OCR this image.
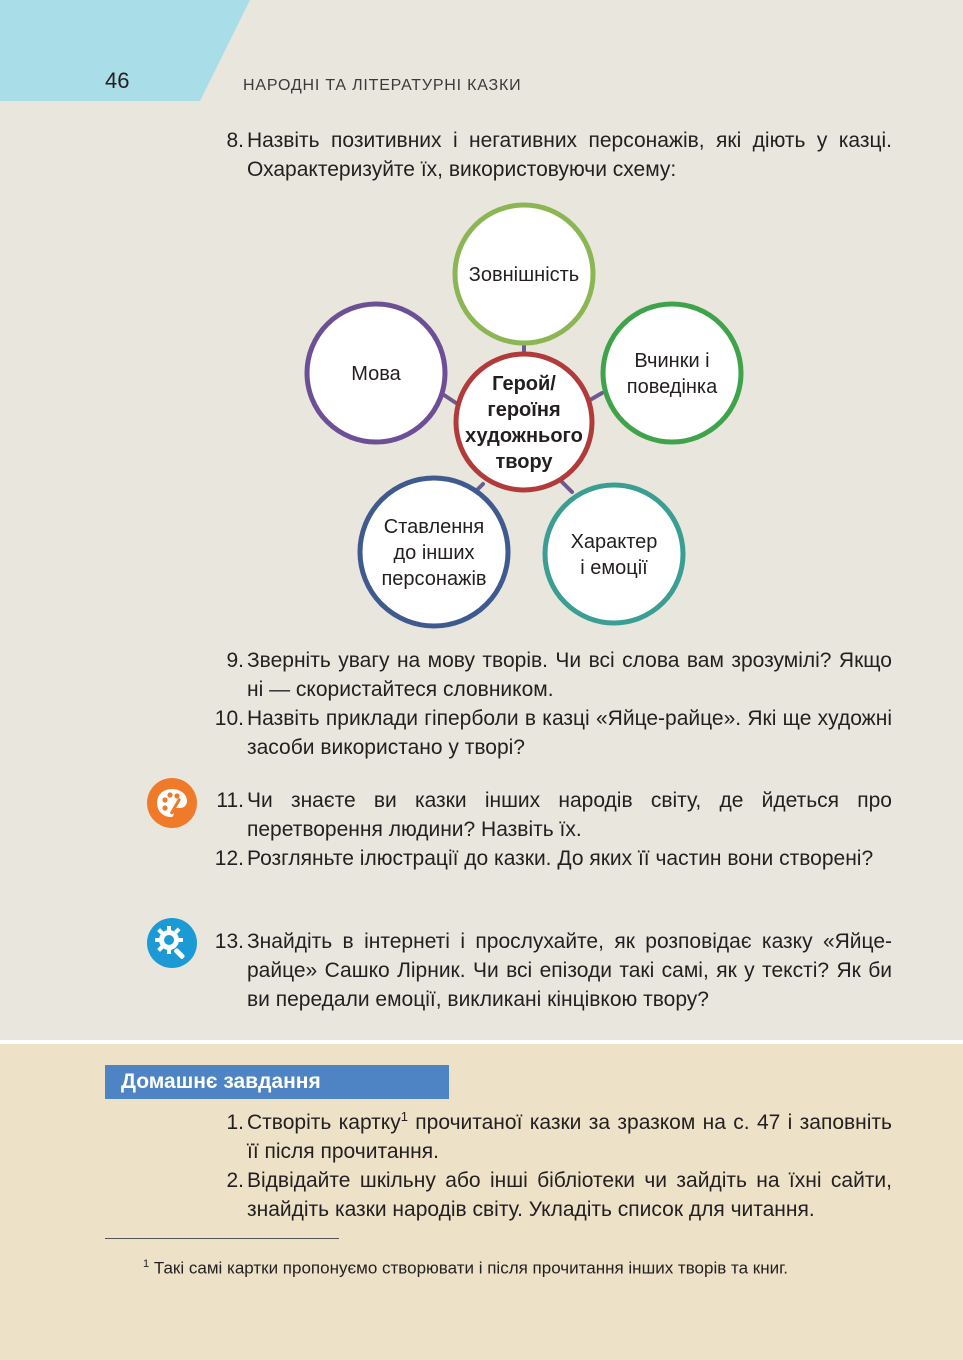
46	НАРОДНІ ТА ЛІТЕРАТУРНІ КАЗКИ
8. Назвіть позитивних і негативних персонажів, які діють у казці. Охарактеризуйте їх, використовуючи схему:
Зовнішність
Вчинки і
поведінка
Характер
і емоції
Ставлення
до інших
персонажів
Мова	Герой/
героїня
художнього
твору
9. Зверніть увагу на мову творів. Чи всі слова вам зрозумілі? Якщо ні — скористайтеся словником.
10. Назвіть приклади гіперболи в казці «Яйце-райце». Які ще художні засоби використано у творі?
11. Чи знаєте ви казки інших народів світу, де йдеться про перетворення людини? Назвіть їх.
12. Розгляньте ілюстрації до казки. До яких її частин вони створені?
13. Знайдіть в інтернеті і прослухайте, як розповідає казку «Яйце-райце» Сашко Лірник. Чи всі епізоди такі самі, як у тексті? Як би ви передали емоції, викликані кінцівкою твору?
Домашнє завдання
1. Створіть картку$^1$ прочитаної казки за зразком на с. 47 і заповніть її після прочитання.
2. Відвідайте шкільну або інші бібліотеки чи зайдіть на їхні сайти, знайдіть казки народів світу. Укладіть список для читання.
$^1$ Такі самі картки пропонуємо створювати і після прочитання інших творів та книг.
